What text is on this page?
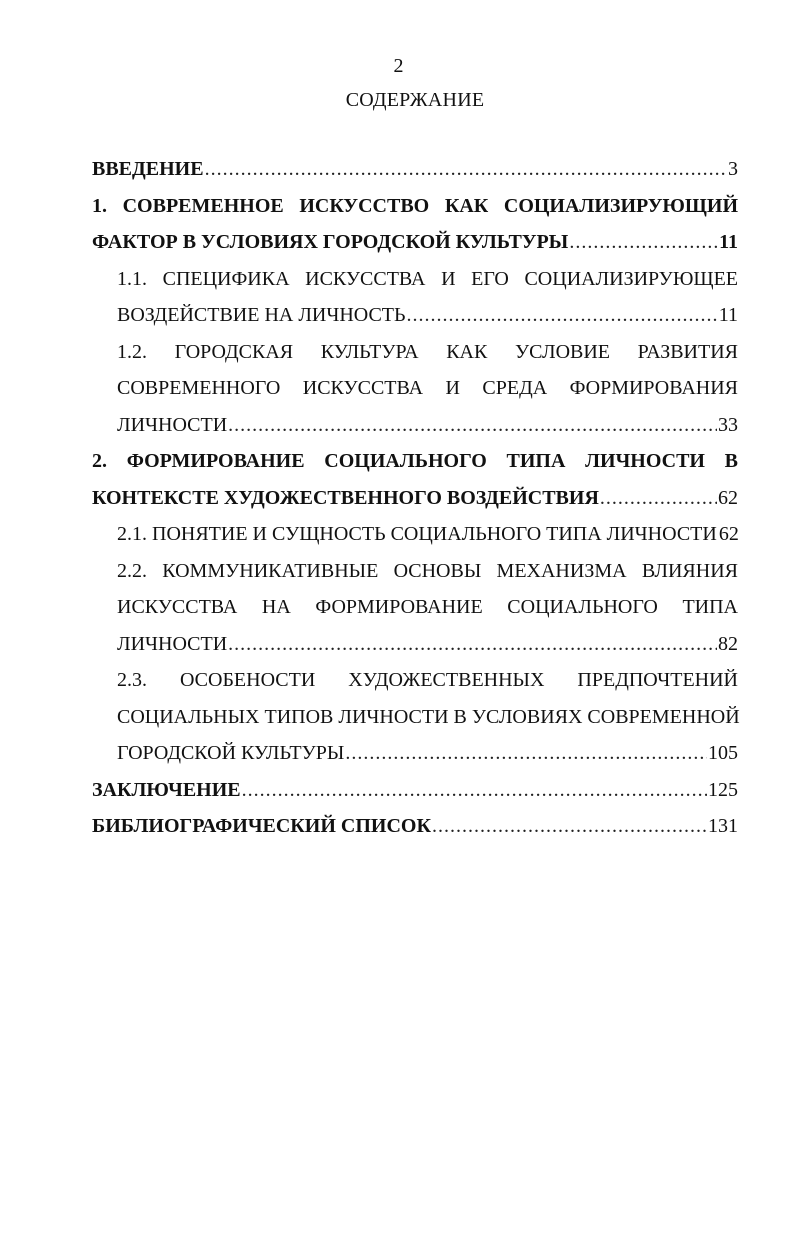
2
СОДЕРЖАНИЕ
ВВЕДЕНИЕ .....	3
1. СОВРЕМЕННОЕ ИСКУССТВО КАК СОЦИАЛИЗИРУЮЩИЙ
ФАКТОР В УСЛОВИЯХ ГОРОДСКОЙ КУЛЬТУРЫ .....	11
1.1. СПЕЦИФИКА ИСКУССТВА И ЕГО СОЦИАЛИЗИРУЮЩЕЕ
ВОЗДЕЙСТВИЕ НА ЛИЧНОСТЬ .....	11
1.2. ГОРОДСКАЯ КУЛЬТУРА КАК УСЛОВИЕ РАЗВИТИЯ
СОВРЕМЕННОГО ИСКУССТВА И СРЕДА ФОРМИРОВАНИЯ
ЛИЧНОСТИ .....	33
2. ФОРМИРОВАНИЕ СОЦИАЛЬНОГО ТИПА ЛИЧНОСТИ В
КОНТЕКСТЕ ХУДОЖЕСТВЕННОГО ВОЗДЕЙСТВИЯ .....	62
2.1. ПОНЯТИЕ И СУЩНОСТЬ СОЦИАЛЬНОГО ТИПА ЛИЧНОСТИ 62
2.2. КОММУНИКАТИВНЫЕ ОСНОВЫ МЕХАНИЗМА ВЛИЯНИЯ
ИСКУССТВА НА ФОРМИРОВАНИЕ СОЦИАЛЬНОГО ТИПА
ЛИЧНОСТИ .....	82
2.3. ОСОБЕНОСТИ ХУДОЖЕСТВЕННЫХ ПРЕДПОЧТЕНИЙ
СОЦИАЛЬНЫХ ТИПОВ ЛИЧНОСТИ В УСЛОВИЯХ СОВРЕМЕННОЙ
ГОРОДСКОЙ КУЛЬТУРЫ .....	105
ЗАКЛЮЧЕНИЕ .....	125
БИБЛИОГРАФИЧЕСКИЙ СПИСОК .....	131
